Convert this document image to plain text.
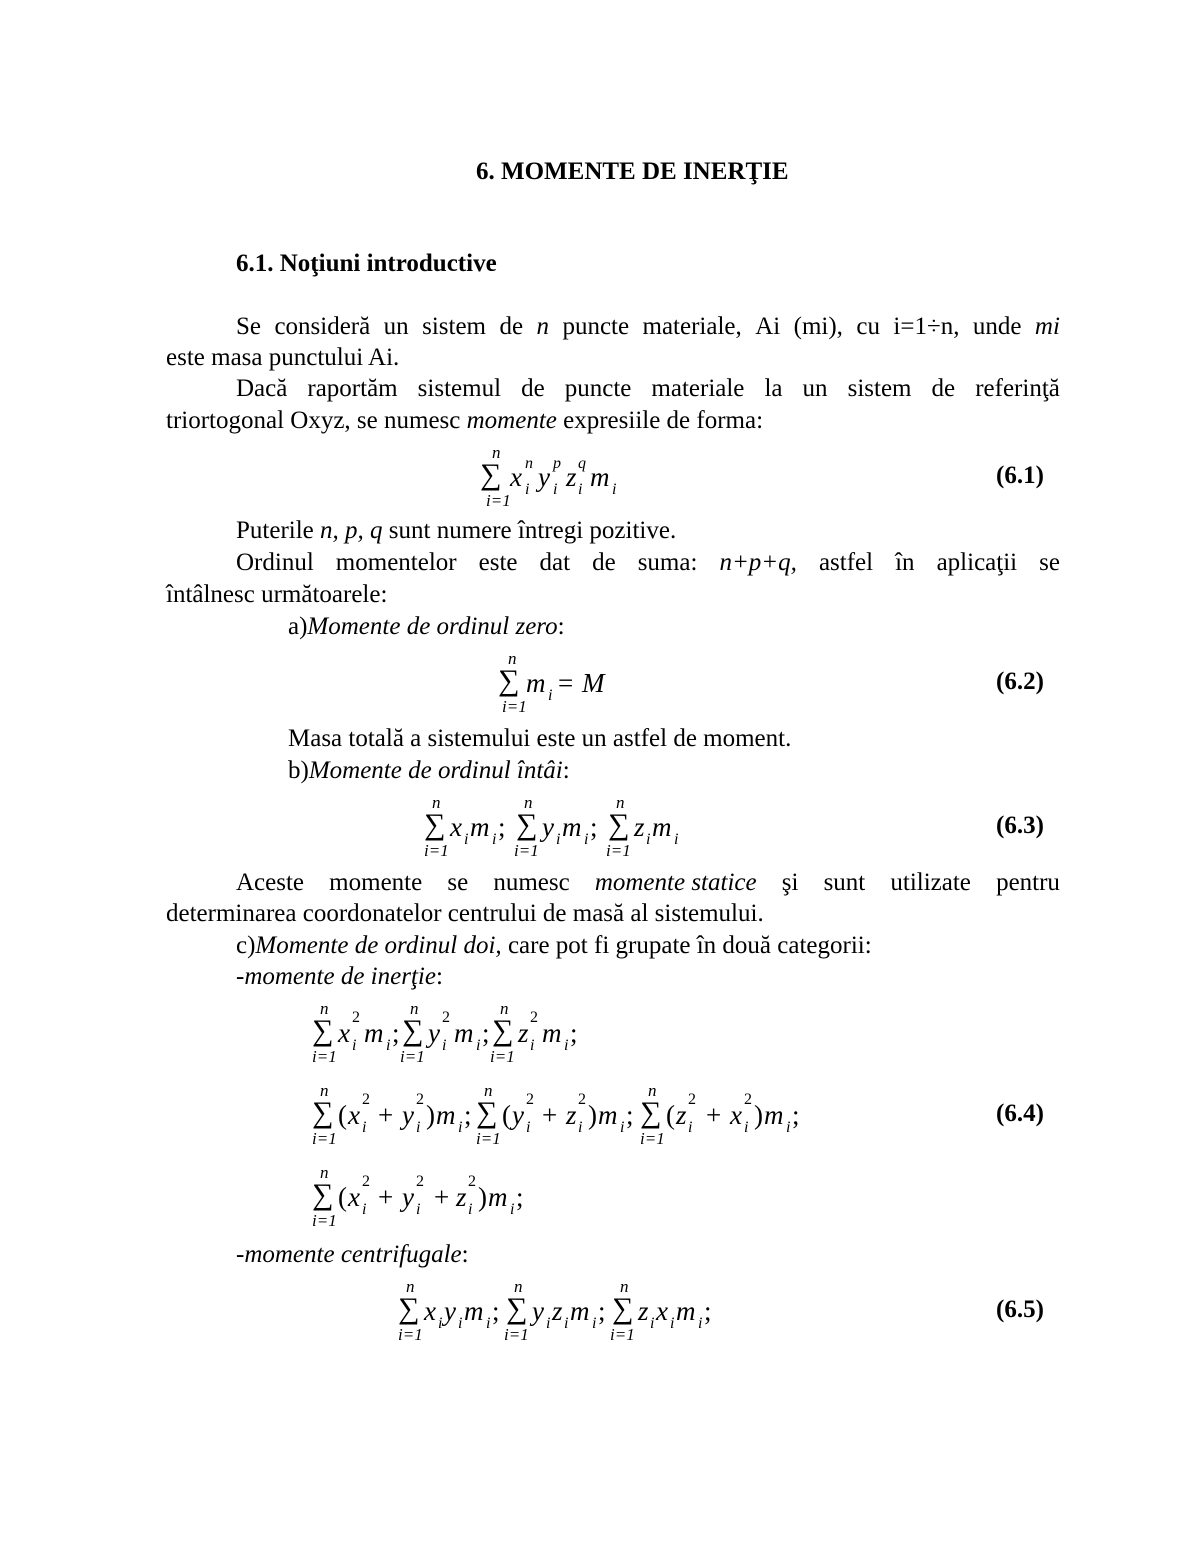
6. MOMENTE DE INERŢIE
6.1. Noţiuni introductive
Se consideră un sistem de n puncte materiale, Ai (mi), cu i=1÷n, unde mi
este masa punctului Ai.
Dacă raportăm sistemul de puncte materiale la un sistem de referinţă
triortogonal Oxyz, se numesc momente expresiile de forma:
n
∑
i=1
x n
i y p
i z q
i m i
(6.1)
Puterile n, p, q sunt numere întregi pozitive.
Ordinul momentelor este dat de suma: n+p+q, astfel în aplicaţii se
întâlnesc următoarele:
a)Momente de ordinul zero:
n
∑
i=1
m i = M	(6.2)
Masa totală a sistemului este un astfel de moment.
b)Momente de ordinul întâi:
n
∑
i=1
x i m i ;
n
∑
i=1
y i m i ;
n
∑
i=1
z i m i
(6.3)
Aceste momente se numesc momente statice şi sunt utilizate pentru
determinarea coordonatelor centrului de masă al sistemului.
c)Momente de ordinul doi, care pot fi grupate în două categorii:
-momente de inerţie:
n
∑
i=1
x
2
i m i ;
n
∑
i=1
y
2
i m i ;
n
∑
i=1
z
2
i m i ;
n
∑
i=1
( x
2
i + y
2
i ) m i ;
n
∑
i=1
( y
2
i + z
2
i ) m i ;
n
∑
i=1
( z
2
i + x
2
i ) m i ;	(6.4)
n
∑
i=1
( x
2
i + y
2
i + z
2
i ) m i ;
-momente centrifugale:
n
∑
i=1
x i y i m i ;
n
∑
i=1
y i z i m i ;
n
∑
i=1
z i x i m i ;	(6.5)
